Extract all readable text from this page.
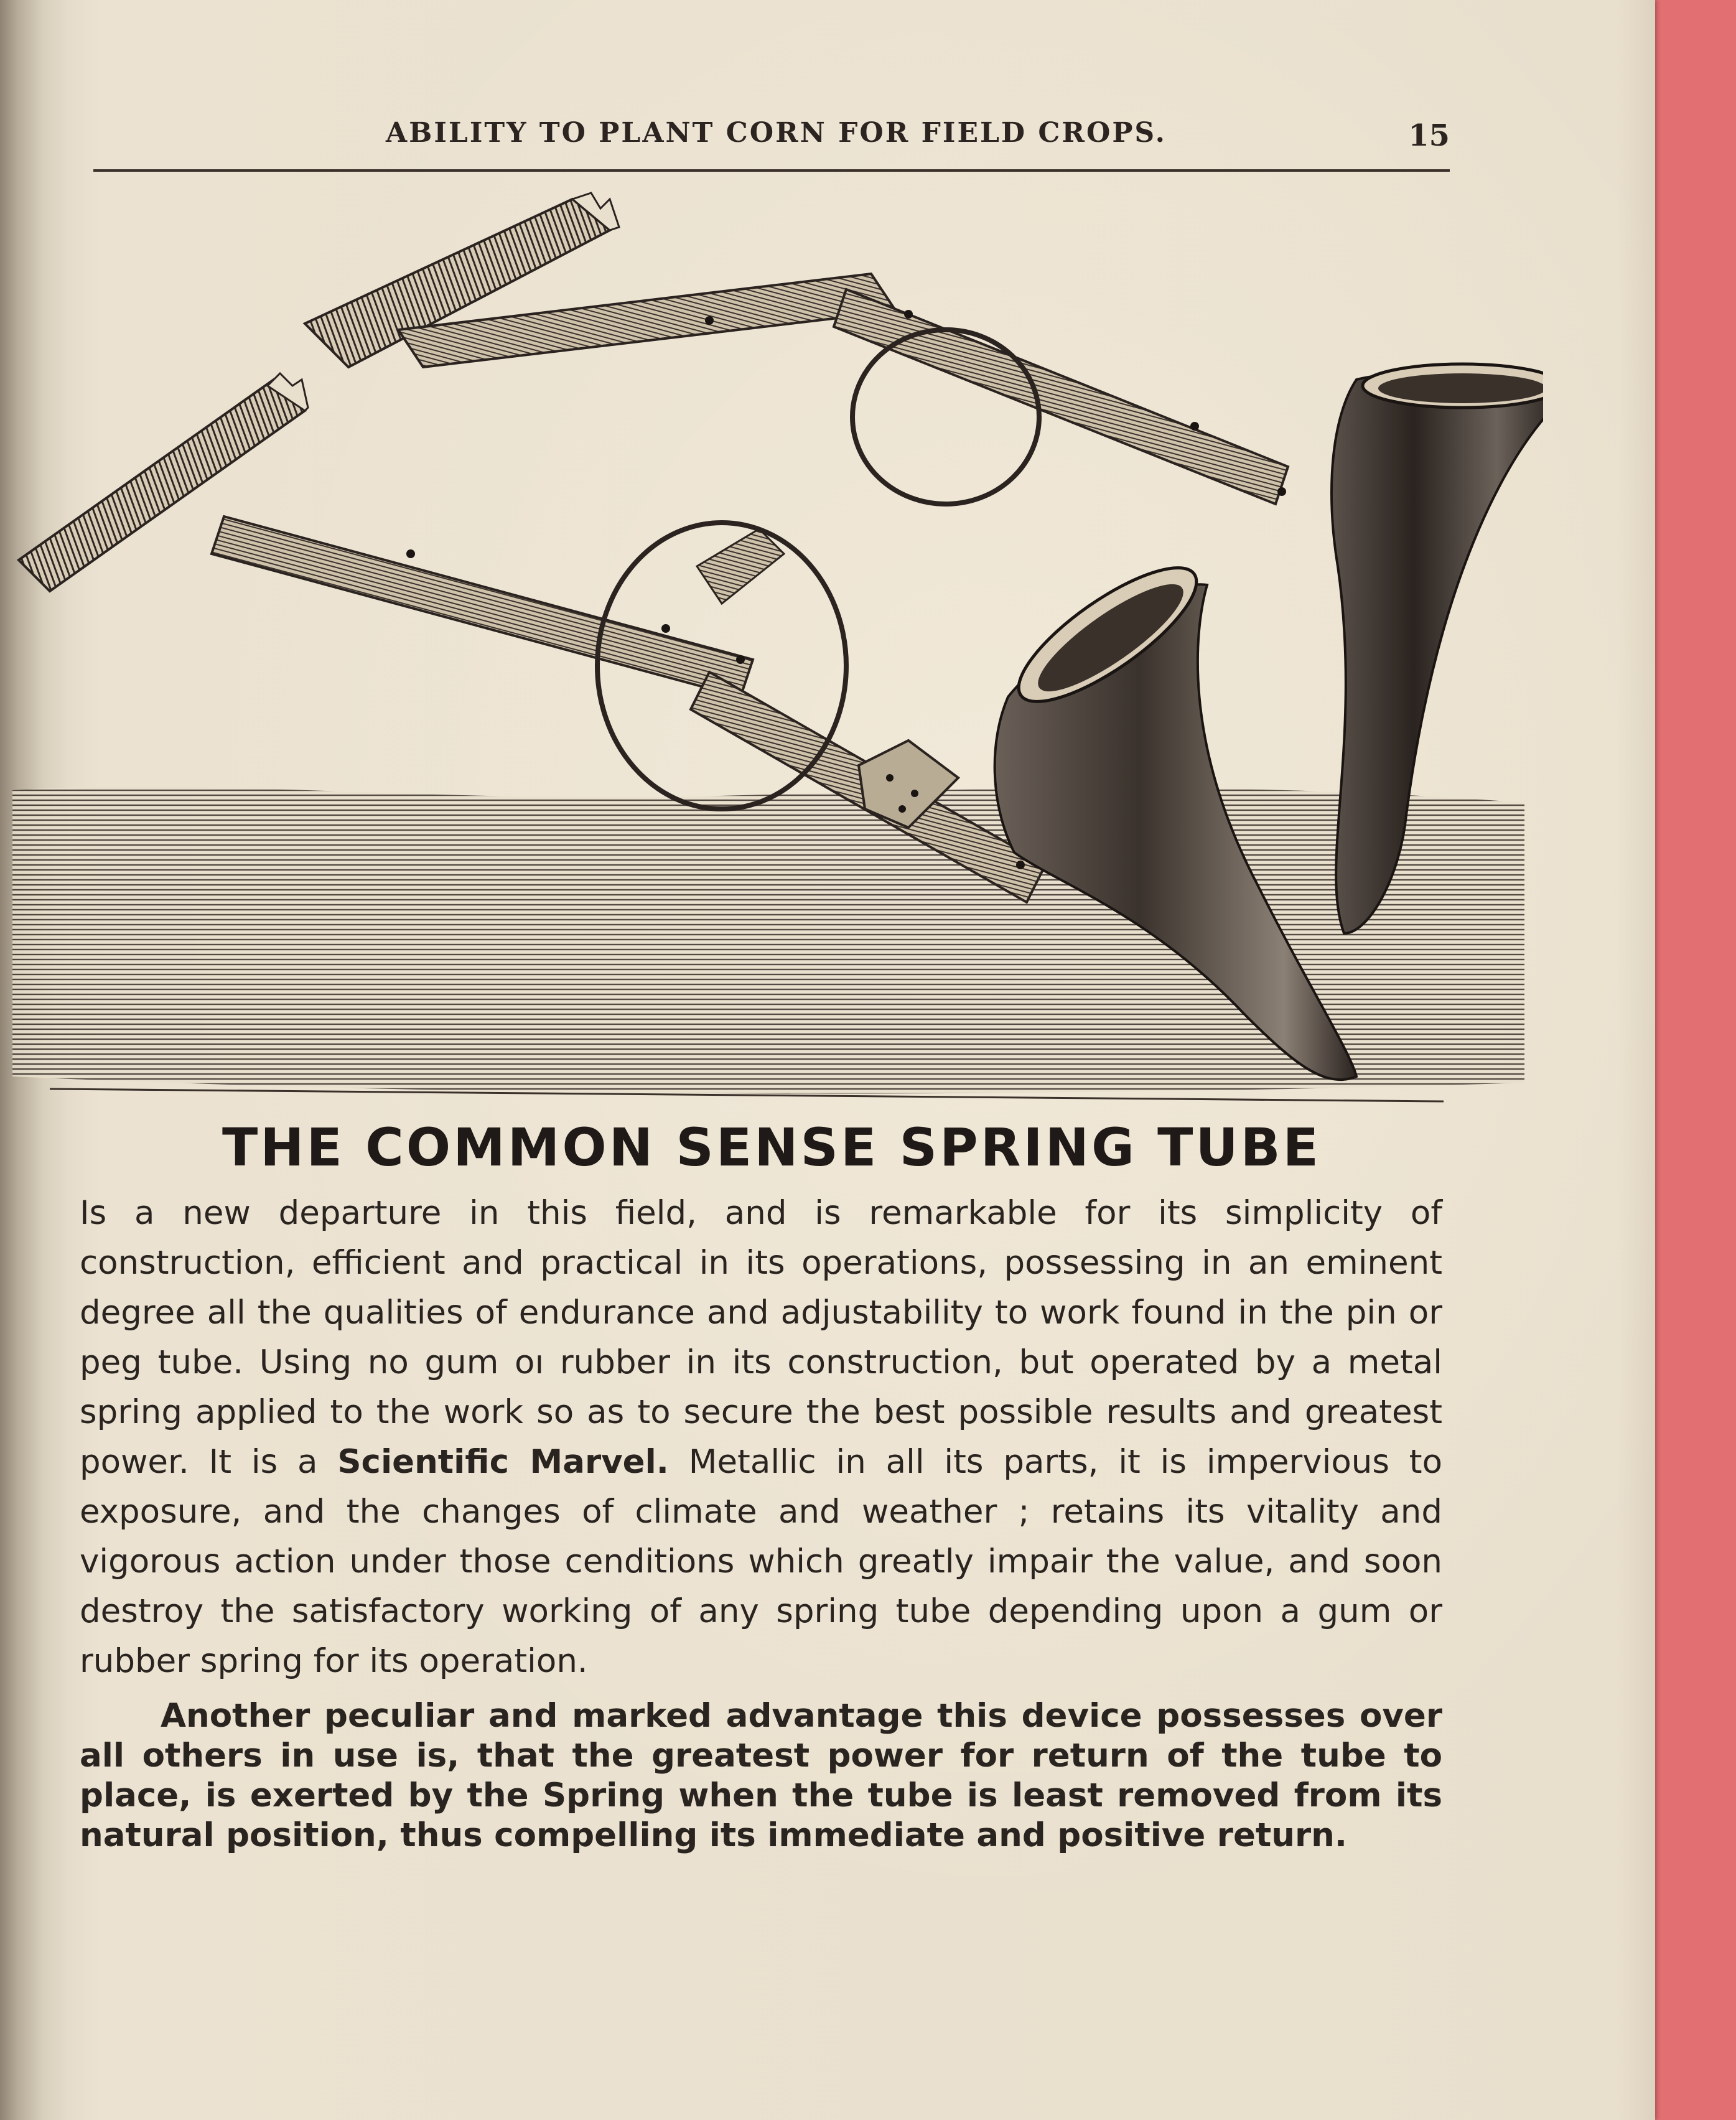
ABILITY TO PLANT CORN FOR FIELD CROPS.	15
THE COMMON SENSE SPRING TUBE

Is a new departure in this field, and is remarkable for its simplicity of construction, efficient and practical in its operations, possessing in an eminent degree all the qualities of endurance and adjustability to work found in the pin or peg tube. Using no gum oı rubber in its construction, but operated by a metal spring applied to the work so as to secure the best possible results and greatest power. It is a Scientific Marvel. Metallic in all its parts, it is impervious to exposure, and the changes of climate and weather ; retains its vitality and vigorous action under those cenditions which greatly impair the value, and soon destroy the satisfactory working of any spring tube depending upon a gum or rubber spring for its operation.

Another peculiar and marked advantage this device possesses over all others in use is, that the greatest power for return of the tube to place, is exerted by the Spring when the tube is least removed from its natural position, thus compelling its immediate and positive return.
